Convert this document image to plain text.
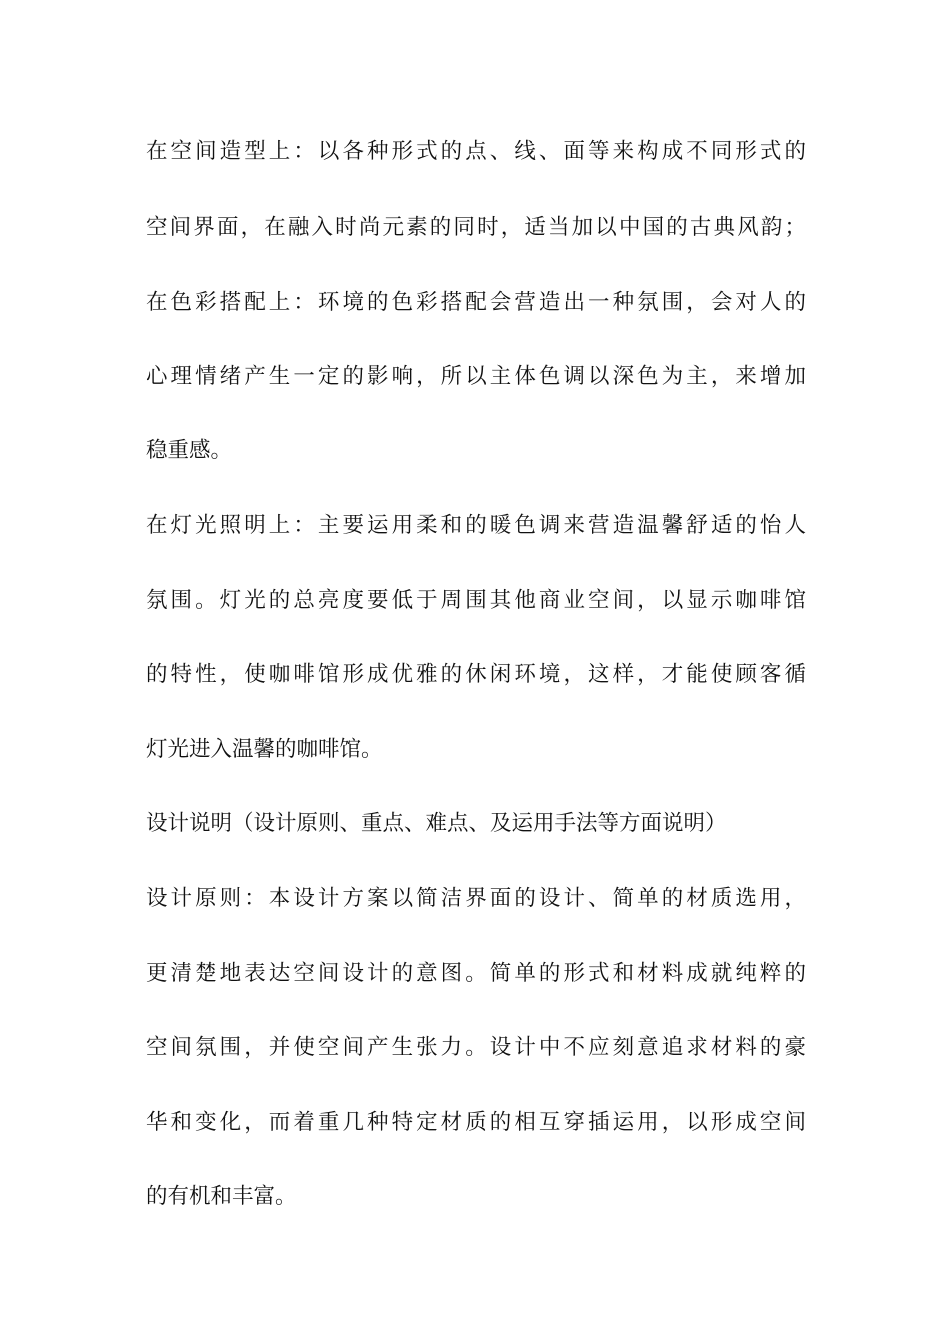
在空间造型上：以各种形式的点、线、面等来构成不同形式的
空间界面，在融入时尚元素的同时，适当加以中国的古典风韵；
在色彩搭配上：环境的色彩搭配会营造出一种氛围，会对人的
心理情绪产生一定的影响，所以主体色调以深色为主，来增加
稳重感。
在灯光照明上：主要运用柔和的暖色调来营造温馨舒适的怡人
氛围。灯光的总亮度要低于周围其他商业空间，以显示咖啡馆
的特性，使咖啡馆形成优雅的休闲环境，这样，才能使顾客循
灯光进入温馨的咖啡馆。
设计说明（设计原则、重点、难点、及运用手法等方面说明）
设计原则：本设计方案以简洁界面的设计、简单的材质选用，
更清楚地表达空间设计的意图。简单的形式和材料成就纯粹的
空间氛围，并使空间产生张力。设计中不应刻意追求材料的豪
华和变化，而着重几种特定材质的相互穿插运用，以形成空间
的有机和丰富。
